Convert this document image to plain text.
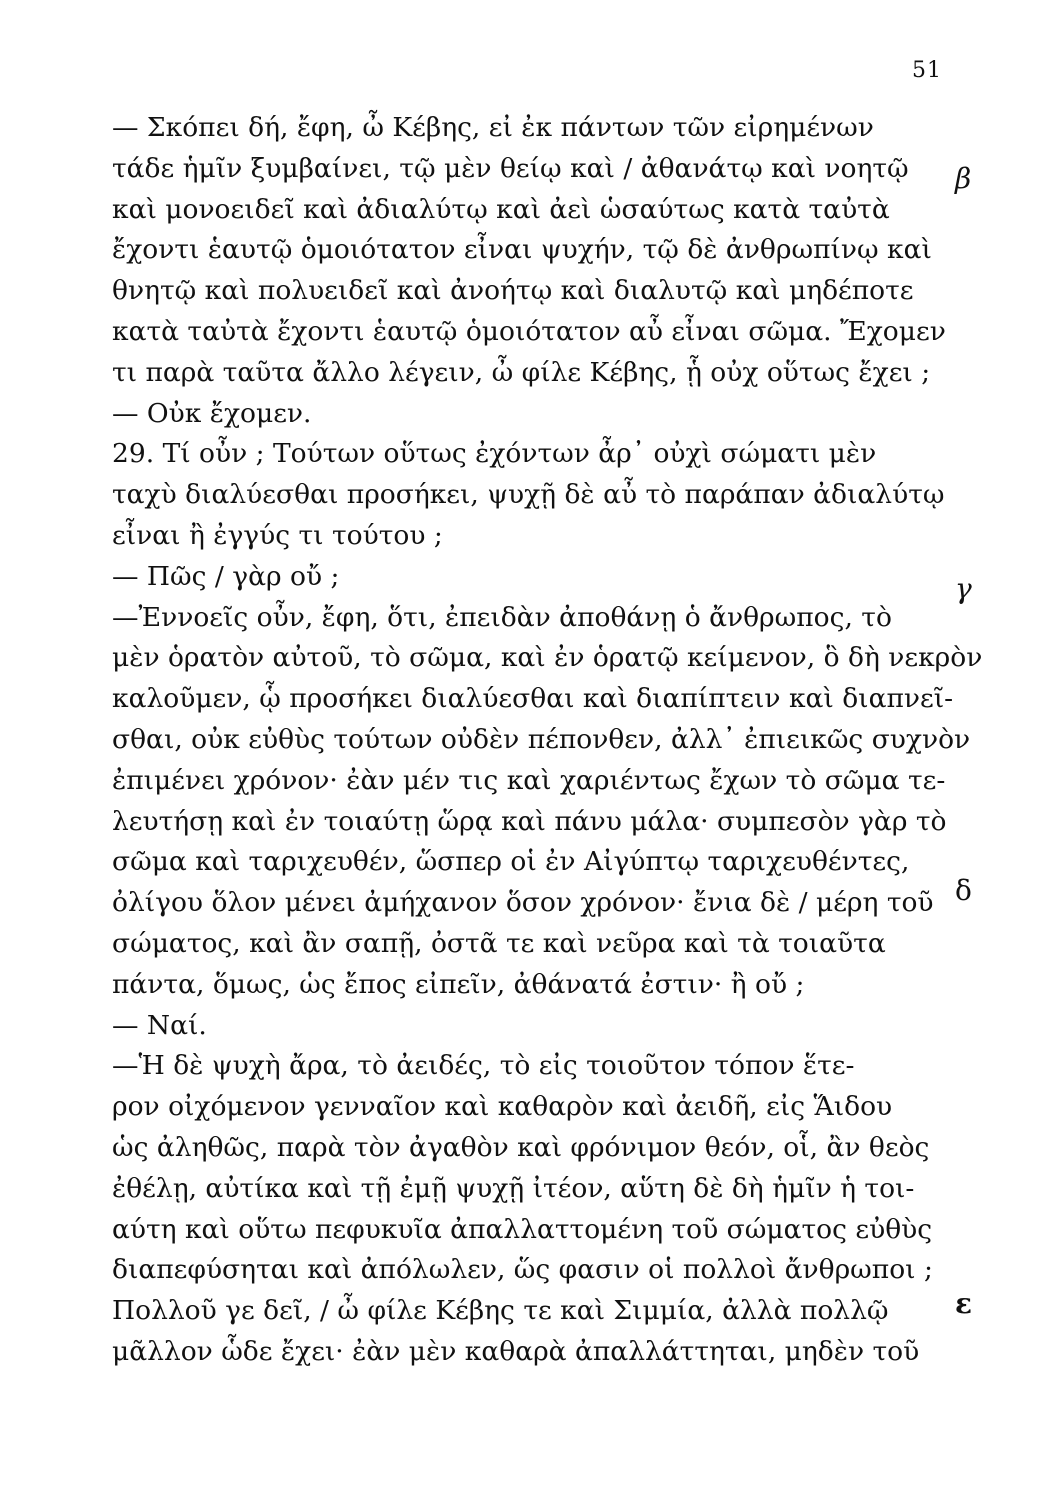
51
— Σκόπει δή, ἔφη, ὦ Κέβης, εἰ ἐκ πάντων τῶν εἰρημένων
τάδε ἡμῖν ξυμβαίνει, τῷ μὲν θείῳ καὶ / ἀθανάτῳ καὶ νοητῷ
καὶ μονοειδεῖ καὶ ἀδιαλύτῳ καὶ ἀεὶ ὡσαύτως κατὰ ταὐτὰ
ἔχοντι ἑαυτῷ ὁμοιότατον εἶναι ψυχήν, τῷ δὲ ἀνθρωπίνῳ καὶ
θνητῷ καὶ πολυειδεῖ καὶ ἀνοήτῳ καὶ διαλυτῷ καὶ μηδέποτε
κατὰ ταὐτὰ ἔχοντι ἑαυτῷ ὁμοιότατον αὖ εἶναι σῶμα. Ἔχομεν
τι παρὰ ταῦτα ἄλλο λέγειν, ὦ φίλε Κέβης, ᾗ οὐχ οὕτως ἔχει ;
— Οὐκ ἔχομεν.
29. Τί οὖν ; Τούτων οὕτως ἐχόντων ἆρ᾽ οὐχὶ σώματι μὲν
ταχὺ διαλύεσθαι προσήκει, ψυχῇ δὲ αὖ τὸ παράπαν ἀδιαλύτῳ
εἶναι ἢ ἐγγύς τι τούτου ;
— Πῶς / γὰρ οὔ ;
—Ἐννοεῖς οὖν, ἔφη, ὅτι, ἐπειδὰν ἀποθάνῃ ὁ ἄνθρωπος, τὸ
μὲν ὁρατὸν αὐτοῦ, τὸ σῶμα, καὶ ἐν ὁρατῷ κείμενον, ὃ δὴ νεκρὸν
καλοῦμεν, ᾧ προσήκει διαλύεσθαι καὶ διαπίπτειν καὶ διαπνεῖ-
σθαι, οὐκ εὐθὺς τούτων οὐδὲν πέπονθεν, ἀλλ᾽ ἐπιεικῶς συχνὸν
ἐπιμένει χρόνον· ἐὰν μέν τις καὶ χαριέντως ἔχων τὸ σῶμα τε-
λευτήσῃ καὶ ἐν τοιαύτῃ ὥρᾳ καὶ πάνυ μάλα· συμπεσὸν γὰρ τὸ
σῶμα καὶ ταριχευθέν, ὥσπερ οἱ ἐν Αἰγύπτῳ ταριχευθέντες,
ὀλίγου ὅλον μένει ἀμήχανον ὅσον χρόνον· ἔνια δὲ / μέρη τοῦ
σώματος, καὶ ἂν σαπῇ, ὀστᾶ τε καὶ νεῦρα καὶ τὰ τοιαῦτα
πάντα, ὅμως, ὡς ἔπος εἰπεῖν, ἀθάνατά ἐστιν· ἢ οὔ ;
— Ναί.
—Ἡ δὲ ψυχὴ ἄρα, τὸ ἀειδές, τὸ εἰς τοιοῦτον τόπον ἕτε-
ρον οἰχόμενον γενναῖον καὶ καθαρὸν καὶ ἀειδῆ, εἰς Ἅιδου
ὡς ἀληθῶς, παρὰ τὸν ἀγαθὸν καὶ φρόνιμον θεόν, οἷ, ἂν θεὸς
ἐθέλῃ, αὐτίκα καὶ τῇ ἐμῇ ψυχῇ ἰτέον, αὕτη δὲ δὴ ἡμῖν ἡ τοι-
αύτη καὶ οὕτω πεφυκυῖα ἀπαλλαττομένη τοῦ σώματος εὐθὺς
διαπεφύσηται καὶ ἀπόλωλεν, ὥς φασιν οἱ πολλοὶ ἄνθρωποι ;
Πολλοῦ γε δεῖ, / ὦ φίλε Κέβης τε καὶ Σιμμία, ἀλλὰ πολλῷ
μᾶλλον ὧδε ἔχει· ἐὰν μὲν καθαρὰ ἀπαλλάττηται, μηδὲν τοῦ
β
γ
δ
ε
